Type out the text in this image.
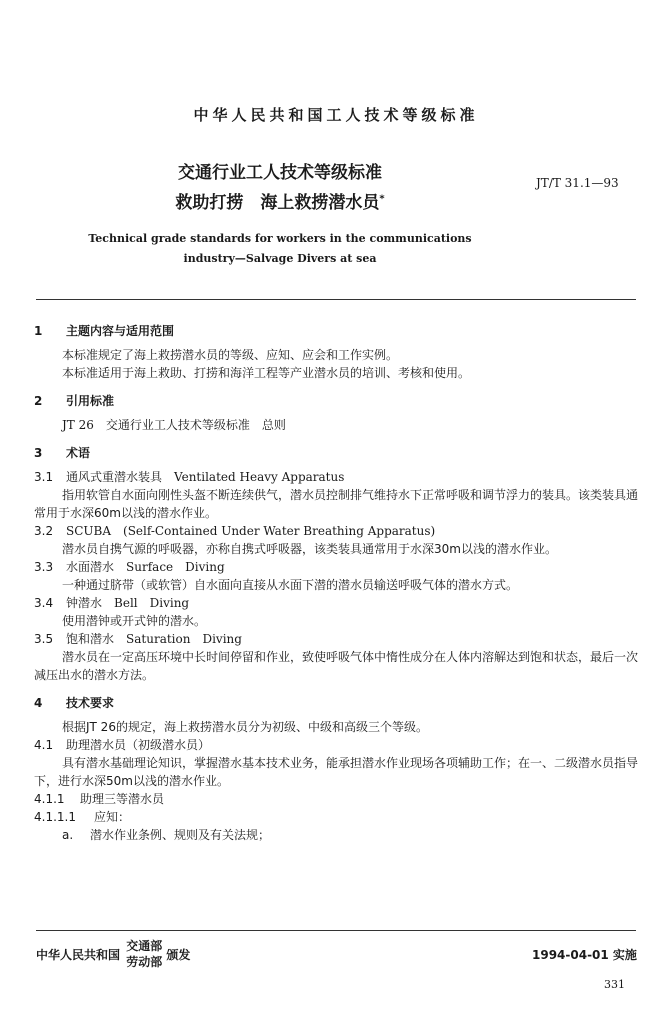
中华人民共和国工人技术等级标准
交通行业工人技术等级标准
救助打捞　海上救捞潜水员*
JT/T 31.1—93
Technical grade standards for workers in the communications
industry—Salvage Divers at sea
1 主题内容与适用范围
本标准规定了海上救捞潜水员的等级、应知、应会和工作实例。
本标准适用于海上救助、打捞和海洋工程等产业潜水员的培训、考核和使用。
2 引用标准
JT 26　 交通行业工人技术等级标准　总则
3 术语
3.1 通风式重潜水装具　 Ventilated Heavy Apparatus
指用软管自水面向刚性头盔不断连续供气，潜水员控制排气维持水下正常呼吸和调节浮力的装具。该类装具通常用于水深60m以浅的潜水作业。
3.2 SCUBA　 (Self-Contained Under Water Breathing Apparatus)
潜水员自携气源的呼吸器，亦称自携式呼吸器，该类装具通常用于水深30m以浅的潜水作业。
3.3 水面潜水　 Surface　Diving
一种通过脐带（或软管）自水面向直接从水面下潜的潜水员输送呼吸气体的潜水方式。
3.4 钟潜水　 Bell　Diving
使用潜钟或开式钟的潜水。
3.5 饱和潜水　 Saturation　Diving
潜水员在一定高压环境中长时间停留和作业，致使呼吸气体中惰性成分在人体内溶解达到饱和状态，最后一次减压出水的潜水方法。
4 技术要求
根据JT 26的规定，海上救捞潜水员分为初级、中级和高级三个等级。
4.1 助理潜水员（初级潜水员）
具有潜水基础理论知识，掌握潜水基本技术业务，能承担潜水作业现场各项辅助工作；在一、二级潜水员指导下，进行水深50m以浅的潜水作业。
4.1.1 助理三等潜水员
4.1.1.1 应知：
a. 潜水作业条例、规则及有关法规；
中华人民共和国
交通部
劳动部
颁发	1994-04-01 实施
331
